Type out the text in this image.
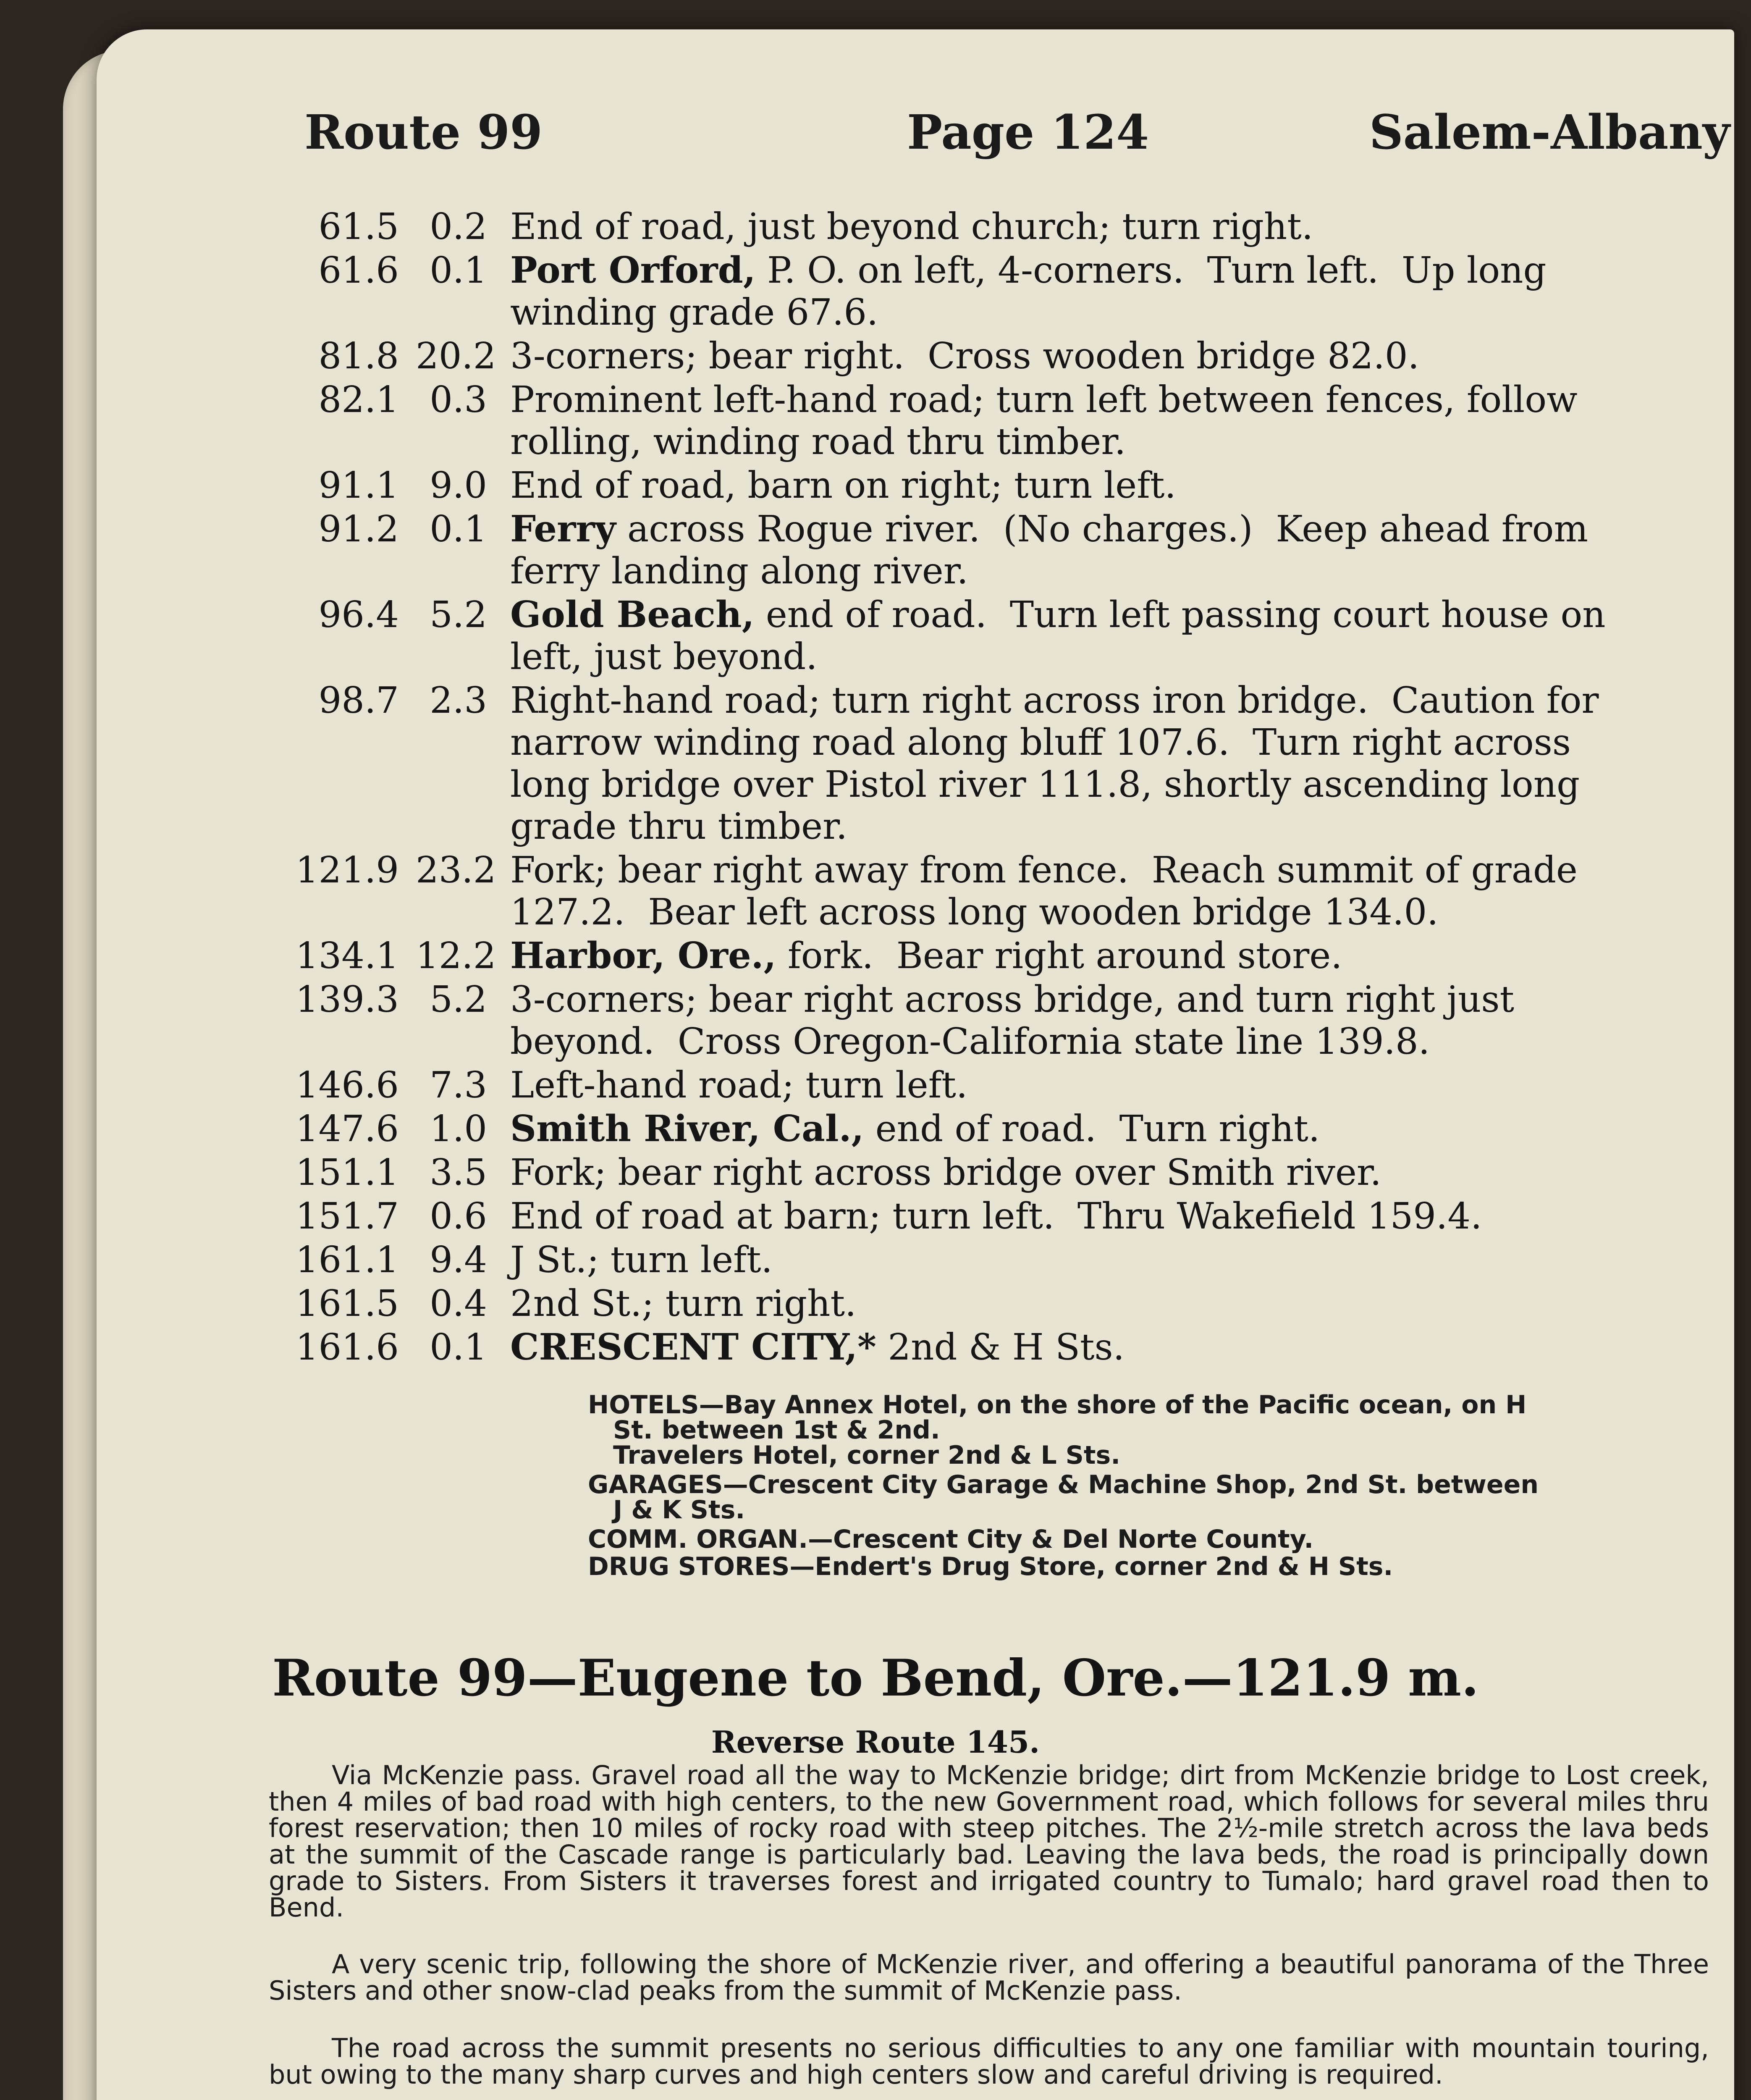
Route 99	Page 124	Salem-Albany
61.5 0.2 End of road, just beyond church; turn right.
61.6 0.1 Port Orford, P. O. on left, 4-corners.  Turn left.  Up long
winding grade 67.6.
81.8 20.2 3-corners; bear right.  Cross wooden bridge 82.0.
82.1 0.3 Prominent left-hand road; turn left between fences, follow
rolling, winding road thru timber.
91.1 9.0 End of road, barn on right; turn left.
91.2 0.1 Ferry across Rogue river.  (No charges.)  Keep ahead from
ferry landing along river.
96.4 5.2 Gold Beach, end of road.  Turn left passing court house on
left, just beyond.
98.7 2.3 Right-hand road; turn right across iron bridge.  Caution for
narrow winding road along bluff 107.6.  Turn right across
long bridge over Pistol river 111.8, shortly ascending long
grade thru timber.
121.9 23.2 Fork; bear right away from fence.  Reach summit of grade
127.2.  Bear left across long wooden bridge 134.0.
134.1 12.2 Harbor, Ore., fork.  Bear right around store.
139.3 5.2 3-corners; bear right across bridge, and turn right just
beyond.  Cross Oregon-California state line 139.8.
146.6 7.3 Left-hand road; turn left.
147.6 1.0 Smith River, Cal., end of road.  Turn right.
151.1 3.5 Fork; bear right across bridge over Smith river.
151.7 0.6 End of road at barn; turn left.  Thru Wakefield 159.4.
161.1 9.4 J St.; turn left.
161.5 0.4 2nd St.; turn right.
161.6 0.1 CRESCENT CITY,* 2nd & H Sts.
HOTELS—Bay Annex Hotel, on the shore of the Pacific ocean, on H
St. between 1st & 2nd.
Travelers Hotel, corner 2nd & L Sts.
GARAGES—Crescent City Garage & Machine Shop, 2nd St. between
J & K Sts.
COMM. ORGAN.—Crescent City & Del Norte County.
DRUG STORES—Endert's Drug Store, corner 2nd & H Sts.
Route 99—Eugene to Bend, Ore.—121.9 m.
Reverse Route 145.
Via McKenzie pass. Gravel road all the way to McKenzie bridge; dirt from McKenzie bridge to Lost creek, then 4 miles of bad road with high centers, to the new Government road, which follows for several miles thru forest reservation; then 10 miles of rocky road with steep pitches. The 2½-mile stretch across the lava beds at the summit of the Cascade range is particularly bad. Leaving the lava beds, the road is principally down grade to Sisters. From Sisters it traverses forest and irrigated country to Tumalo; hard gravel road then to Bend.
A very scenic trip, following the shore of McKenzie river, and offering a beautiful panorama of the Three Sisters and other snow-clad peaks from the summit of McKenzie pass.
The road across the summit presents no serious difficulties to any one familiar with mountain touring, but owing to the many sharp curves and high centers slow and careful driving is required.
